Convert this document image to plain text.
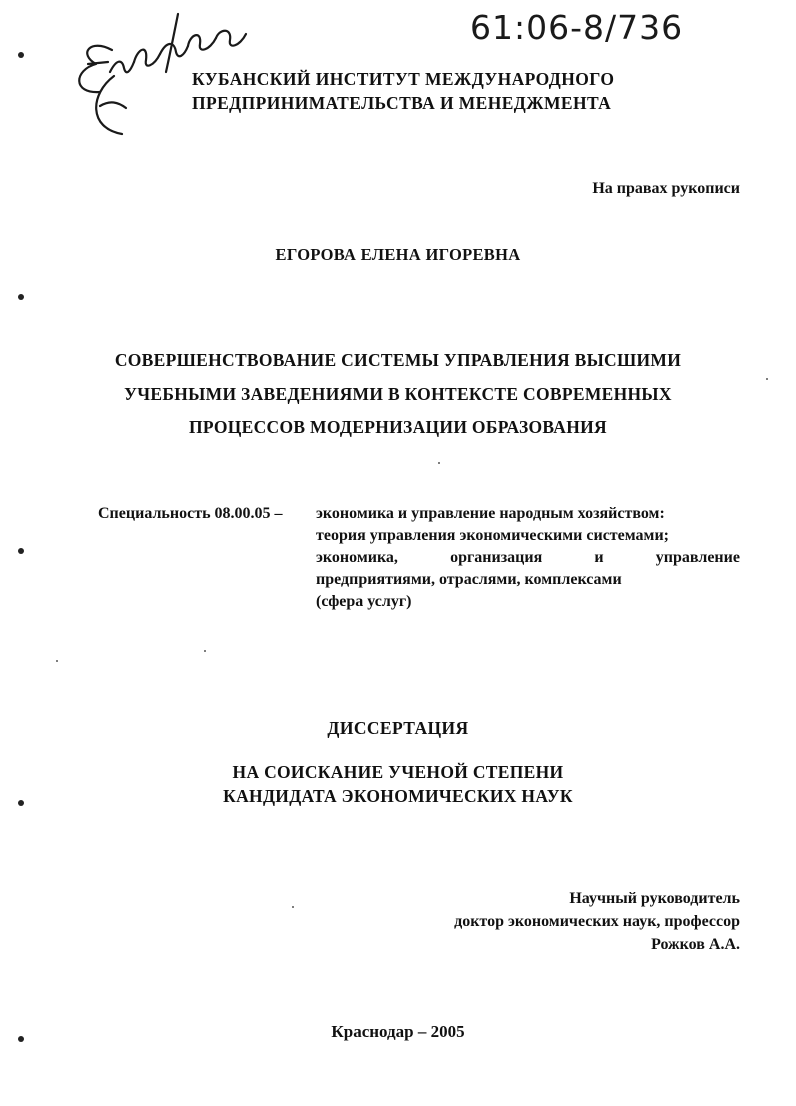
61:06-8/736
КУБАНСКИЙ ИНСТИТУТ МЕЖДУНАРОДНОГО
ПРЕДПРИНИМАТЕЛЬСТВА И МЕНЕДЖМЕНТА
На правах рукописи
ЕГОРОВА ЕЛЕНА ИГОРЕВНА
СОВЕРШЕНСТВОВАНИЕ СИСТЕМЫ УПРАВЛЕНИЯ ВЫСШИМИ
УЧЕБНЫМИ ЗАВЕДЕНИЯМИ В КОНТЕКСТЕ СОВРЕМЕННЫХ
ПРОЦЕССОВ МОДЕРНИЗАЦИИ ОБРАЗОВАНИЯ
Специальность 08.00.05 – экономика и управление народным хозяйством:
теория управления экономическими системами;
экономика,	организация	и	управление
предприятиями, отраслями, комплексами
(сфера услуг)
ДИССЕРТАЦИЯ
НА СОИСКАНИЕ УЧЕНОЙ СТЕПЕНИ
КАНДИДАТА ЭКОНОМИЧЕСКИХ НАУК
Научный руководитель
доктор экономических наук, профессор
Рожков А.А.
Краснодар – 2005
